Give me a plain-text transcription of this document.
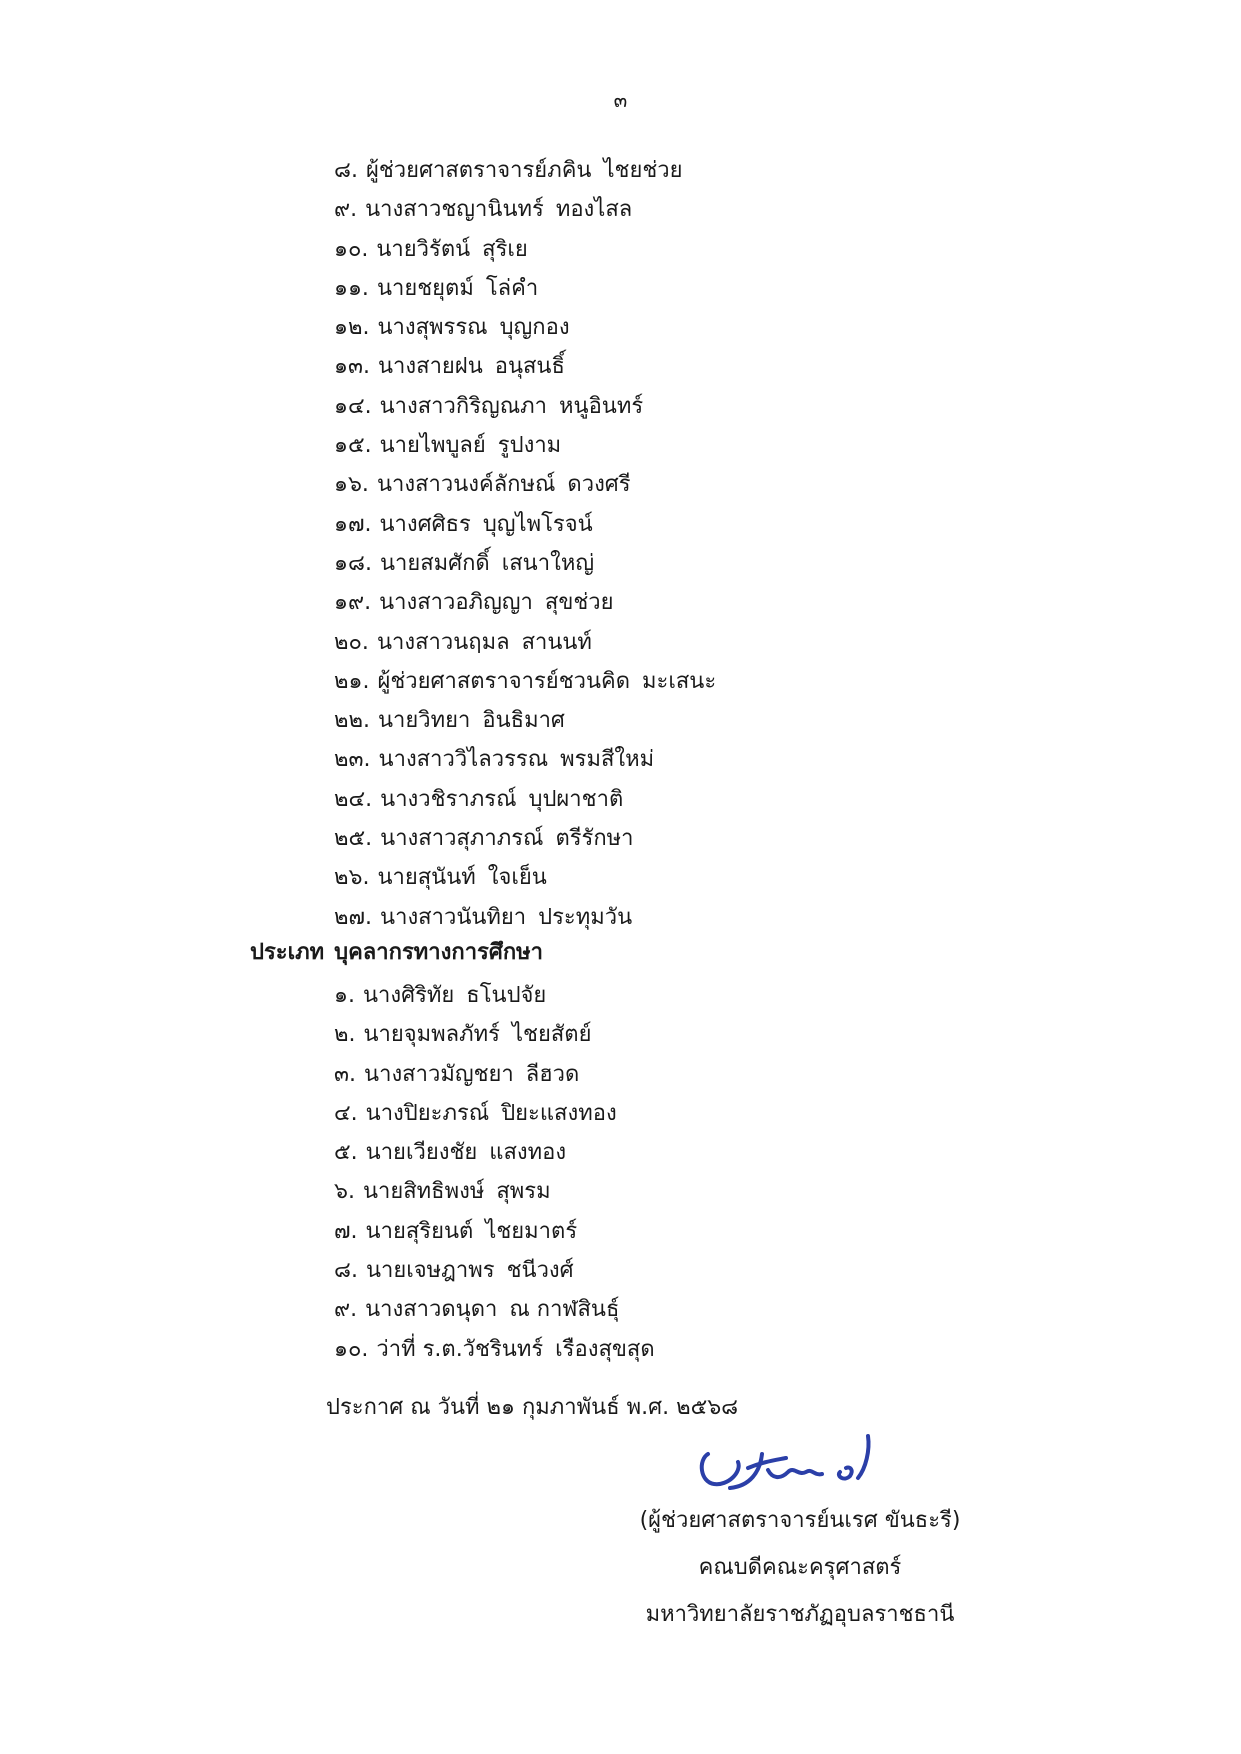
๓
๘. ผู้ช่วยศาสตราจารย์ภคิน ไชยช่วย
๙. นางสาวชญานินทร์ ทองไสล
๑๐. นายวิรัตน์ สุริเย
๑๑. นายชยุตม์ โล่คำ
๑๒. นางสุพรรณ บุญกอง
๑๓. นางสายฝน อนุสนธิ์
๑๔. นางสาวกิริญณภา หนูอินทร์
๑๕. นายไพบูลย์ รูปงาม
๑๖. นางสาวนงค์ลักษณ์ ดวงศรี
๑๗. นางศศิธร บุญไพโรจน์
๑๘. นายสมศักดิ์ เสนาใหญ่
๑๙. นางสาวอภิญญา สุขช่วย
๒๐. นางสาวนฤมล สานนท์
๒๑. ผู้ช่วยศาสตราจารย์ชวนคิด มะเสนะ
๒๒. นายวิทยา อินธิมาศ
๒๓. นางสาววิไลวรรณ พรมสีใหม่
๒๔. นางวชิราภรณ์ บุปผาชาติ
๒๕. นางสาวสุภาภรณ์ ตรีรักษา
๒๖. นายสุนันท์ ใจเย็น
๒๗. นางสาวนันทิยา ประทุมวัน
ประเภท บุคลากรทางการศึกษา
๑. นางศิริทัย ธโนปจัย
๒. นายจุมพลภัทร์ ไชยสัตย์
๓. นางสาวมัญชยา ลีฮวด
๔. นางปิยะภรณ์ ปิยะแสงทอง
๕. นายเวียงชัย แสงทอง
๖. นายสิทธิพงษ์ สุพรม
๗. นายสุริยนต์ ไชยมาตร์
๘. นายเจษฎาพร ชนีวงศ์
๙. นางสาวดนุดา ณ กาฬสินธุ์
๑๐. ว่าที่ ร.ต.วัชรินทร์ เรืองสุขสุด
ประกาศ ณ วันที่ ๒๑ กุมภาพันธ์ พ.ศ. ๒๕๖๘
(ผู้ช่วยศาสตราจารย์นเรศ ขันธะรี)
คณบดีคณะครุศาสตร์
มหาวิทยาลัยราชภัฏอุบลราชธานี
